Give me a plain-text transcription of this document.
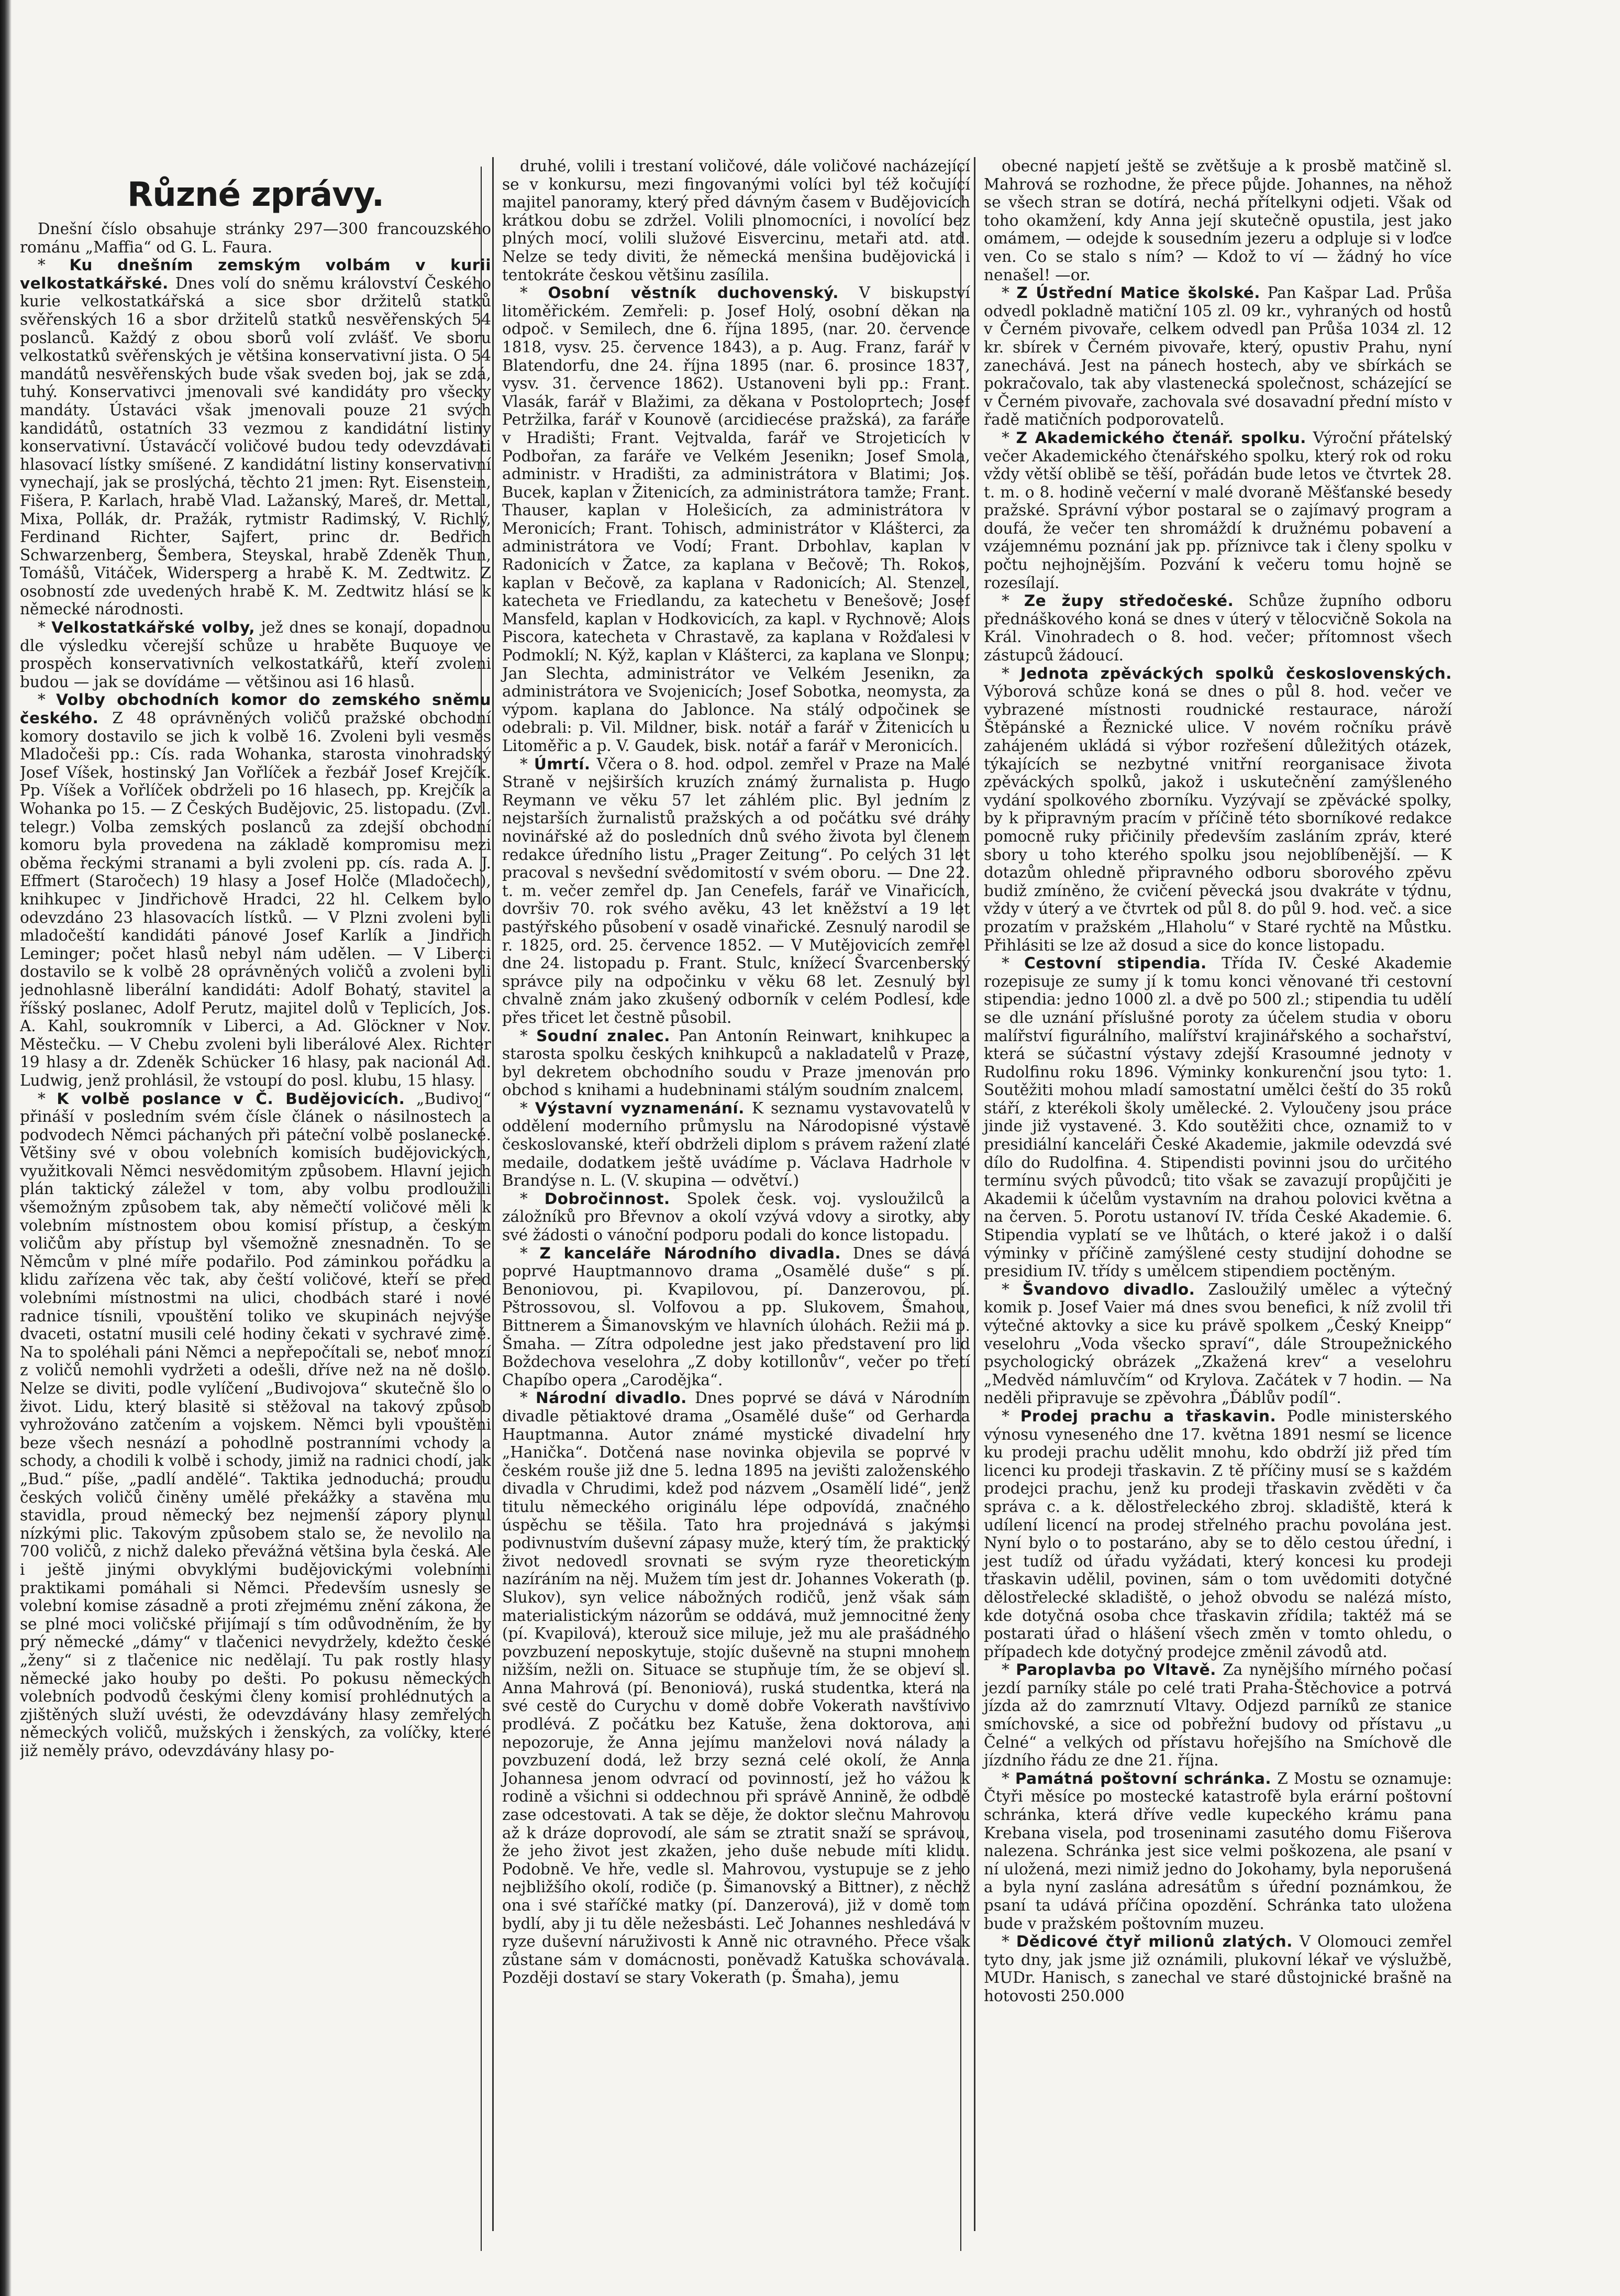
Různé zprávy.

Dnešní číslo obsahuje stránky 297—300 francouzského románu „Maffia“ od G. L. Faura.

* Ku dnešním zemským volbám v kurii velkostatkářské. Dnes volí do sněmu království Českého kurie velkostatkářská a sice sbor držitelů statků svěřenských 16 a sbor držitelů statků nesvěřenských 54 poslanců. Každý z obou sborů volí zvlášť. Ve sboru velkostatků svěřenských je většina konservativní jista. O 54 mandátů nesvěřenských bude však sveden boj, jak se zdá, tuhý. Konservativci jmenovali své kandidáty pro všecky mandáty. Ústaváci však jmenovali pouze 21 svých kandidátů, ostatních 33 vezmou z kandidátní listiny konservativní. Ústavácčí voličové budou tedy odevzdávati hlasovací lístky smíšené. Z kandidátní listiny konservativní vynechají, jak se proslýchá, těchto 21 jmen: Ryt. Eisenstein, Fišera, P. Karlach, hrabě Vlad. Lažanský, Mareš, dr. Mettal, Mixa, Pollák, dr. Pražák, rytmistr Radimský, V. Richlý, Ferdinand Richter, Sajfert, princ dr. Bedřich Schwarzenberg, Šembera, Steyskal, hrabě Zdeněk Thun, Tomášů, Vitáček, Widersperg a hrabě K. M. Zedtwitz. Z osobností zde uvedených hrabě K. M. Zedtwitz hlásí se k německé národnosti.

* Velkostatkářské volby, jež dnes se konají, dopadnou dle výsledku včerejší schůze u hraběte Buquoye ve prospěch konservativních velkostatkářů, kteří zvoleni budou — jak se dovídáme — většinou asi 16 hlasů.

* Volby obchodních komor do zemského sněmu českého. Z 48 oprávněných voličů pražské obchodní komory dostavilo se jich k volbě 16. Zvoleni byli vesměs Mladočeši pp.: Cís. rada Wohanka, starosta vinohradský Josef Víšek, hostinský Jan Vořlíček a řezbář Josef Krejčík. Pp. Víšek a Vořlíček obdrželi po 16 hlasech, pp. Krejčík a Wohanka po 15. — Z Českých Budějovic, 25. listopadu. (Zvl. telegr.) Volba zemských poslanců za zdejší obchodní komoru byla provedena na základě kompromisu mezi oběma řeckými stranami a byli zvoleni pp. cís. rada A. J. Effmert (Staročech) 19 hlasy a Josef Holče (Mladočech), knihkupec v Jindřichově Hradci, 22 hl. Celkem bylo odevzdáno 23 hlasovacích lístků. — V Plzni zvoleni byli mladočeští kandidáti pánové Josef Karlík a Jindřich Leminger; počet hlasů nebyl nám udělen. — V Liberci dostavilo se k volbě 28 oprávněných voličů a zvoleni byli jednohlasně liberální kandidáti: Adolf Bohatý, stavitel a říšský poslanec, Adolf Perutz, majitel dolů v Teplicích, Jos. A. Kahl, soukromník v Liberci, a Ad. Glöckner v Nov. Městečku. — V Chebu zvoleni byli liberálové Alex. Richter 19 hlasy a dr. Zdeněk Schücker 16 hlasy, pak nacionál Ad. Ludwig, jenž prohlásil, že vstoupí do posl. klubu, 15 hlasy.

* K volbě poslance v Č. Budějovicích. „Budivoj“ přináší v posledním svém čísle článek o násilnostech a podvodech Němci páchaných při páteční volbě poslanecké. Většiny své v obou volebních komisích budějovických, využitkovali Němci nesvědomitým způsobem. Hlavní jejich plán taktický záležel v tom, aby volbu prodloužili všemožným způsobem tak, aby němečtí voličové měli k volebním místnostem obou komisí přístup, a českým voličům aby přístup byl všemožně znesnadněn. To se Němcům v plné míře podařilo. Pod záminkou pořádku a klidu zařízena věc tak, aby čeští voličové, kteří se před volebními místnostmi na ulici, chodbách staré i nové radnice tísnili, vpouštění toliko ve skupinách nejvýše dvaceti, ostatní musili celé hodiny čekati v sychravé zimě. Na to spoléhali páni Němci a nepřepočítali se, neboť mnozí z voličů nemohli vydržeti a odešli, dříve než na ně došlo. Nelze se diviti, podle vylíčení „Budivojova“ skutečně šlo o život. Lidu, který blasitě si stěžoval na takový způsob vyhrožováno zatčením a vojskem. Němci byli vpouštěni beze všech nesnází a pohodlně postranními vchody a schody, a chodili k volbě i schody, jimiž na radnici chodí, jak „Bud.“ píše, „padlí andělé“. Taktika jednoduchá; proudu českých voličů činěny umělé překážky a stavěna mu stavidla, proud německý bez nejmenší zápory plynul nízkými plic. Takovým způsobem stalo se, že nevolilo na 700 voličů, z nichž daleko převážná většina byla česká. Ale i ještě jinými obvyklými budějovickými volebními praktikami pomáhali si Němci. Především usnesly se volební komise zásadně a proti zřejmému znění zákona, že se plné moci voličské přijímají s tím odůvodněním, že by prý německé „dámy“ v tlačenici nevydržely, kdežto české „ženy“ si z tlačenice nic nedělají. Tu pak rostly hlasy německé jako houby po dešti. Po pokusu německých volebních podvodů českými členy komisí prohlédnutých a zjištěných služí uvésti, že odevzdávány hlasy zemřelých německých voličů, mužských i ženských, za volíčky, které již neměly právo, odevzdávány hlasy po-

druhé, volili i trestaní voličové, dále voličové nacházející se v konkursu, mezi fingovanými volíci byl též kočující majitel panoramy, který před dávným časem v Budějovicích krátkou dobu se zdržel. Volili plnomocníci, i novolící bez plných mocí, volili služové Eisvercinu, metaři atd. atd. Nelze se tedy diviti, že německá menšina budějovická i tentokráte českou většinu zasílila.

* Osobní věstník duchovenský. V biskupství litoměřickém. Zemřeli: p. Josef Holý, osobní děkan na odpoč. v Semilech, dne 6. října 1895, (nar. 20. července 1818, vysv. 25. července 1843), a p. Aug. Franz, farář v Blatendorfu, dne 24. října 1895 (nar. 6. prosince 1837, vysv. 31. července 1862). Ustanoveni byli pp.: Frant. Vlasák, farář v Blažimi, za děkana v Postoloprtech; Josef Petržilka, farář v Kounově (arcidiecése pražská), za faráře v Hradišti; Frant. Vejtvalda, farář ve Strojeticích v Podbořan, za faráře ve Velkém Jesenikn; Josef Smola, administr. v Hradišti, za administrátora v Blatimi; Jos. Bucek, kaplan v Žitenicích, za administrátora tamže; Frant. Thauser, kaplan v Holešicích, za administrátora v Meronicích; Frant. Tohisch, administrátor v Klášterci, za administrátora ve Vodí; Frant. Drbohlav, kaplan v Radonicích v Žatce, za kaplana v Bečově; Th. Rokos, kaplan v Bečově, za kaplana v Radonicích; Al. Stenzel, katecheta ve Friedlandu, za katechetu v Benešově; Josef Mansfeld, kaplan v Hodkovicích, za kapl. v Rychnově; Alois Piscora, katecheta v Chrastavě, za kaplana v Rožďalesi v Podmoklí; N. Kýž, kaplan v Klášterci, za kaplana ve Slonpu; Jan Slechta, administrátor ve Velkém Jesenikn, za administrátora ve Svojenicích; Josef Sobotka, neomysta, za výpom. kaplana do Jablonce. Na stálý odpočinek se odebrali: p. Vil. Mildner, bisk. notář a farář v Žitenicích u Litoměřic a p. V. Gaudek, bisk. notář a farář v Meronicích.

* Úmrtí. Včera o 8. hod. odpol. zemřel v Praze na Malé Straně v nejširších kruzích známý žurnalista p. Hugo Reymann ve věku 57 let záhlém plic. Byl jedním z nejstarších žurnalistů pražských a od počátku své dráhy novinářské až do posledních dnů svého života byl členem redakce úředního listu „Prager Zeitung“. Po celých 31 let pracoval s nevšední svědomitostí v svém oboru. — Dne 22. t. m. večer zemřel dp. Jan Cenefels, farář ve Vinařicích, dovršiv 70. rok svého avěku, 43 let kněžství a 19 let pastýřského působení v osadě vinařické. Zesnulý narodil se r. 1825, ord. 25. července 1852. — V Mutějovicích zemřel dne 24. listopadu p. Frant. Stulc, knížecí Švarcenberský správce pily na odpočinku v věku 68 let. Zesnulý byl chvalně znám jako zkušený odborník v celém Podlesí, kde přes třicet let čestně působil.

* Soudní znalec. Pan Antonín Reinwart, knihkupec a starosta spolku českých knihkupců a nakladatelů v Praze, byl dekretem obchodního soudu v Praze jmenován pro obchod s knihami a hudebninami stálým soudním znalcem.

* Výstavní vyznamenání. K seznamu vystavovatelů v oddělení moderního průmyslu na Národopisné výstavě českoslovanské, kteří obdrželi diplom s právem ražení zlaté medaile, dodatkem ještě uvádíme p. Václava Hadrhole v Brandýse n. L. (V. skupina — odvětví.)

* Dobročinnost. Spolek česk. voj. vysloužilců a záložníků pro Břevnov a okolí vzývá vdovy a sirotky, aby své žádosti o vánoční podporu podali do konce listopadu.

* Z kanceláře Národního divadla. Dnes se dává poprvé Hauptmannovo drama „Osamělé duše“ s pí. Benoniovou, pi. Kvapilovou, pí. Danzerovou, pí. Pštrossovou, sl. Volfovou a pp. Slukovem, Šmahou, Bittnerem a Šimanovským ve hlavních úlohách. Režii má p. Šmaha. — Zítra odpoledne jest jako představení pro lid Boždechova veselohra „Z doby kotillonův“, večer po třetí Chapíbo opera „Carodějka“.

* Národní divadlo. Dnes poprvé se dává v Národním divadle pětiaktové drama „Osamělé duše“ od Gerharda Hauptmanna. Autor známé mystické divadelní hry „Hanička“. Dotčená nase novinka objevila se poprvé v českém rouše již dne 5. ledna 1895 na jevišti založenského divadla v Chrudimi, kdež pod názvem „Osamělí lidé“, jenž titulu německého originálu lépe odpovídá, značného úspěchu se těšila. Tato hra projednává s jakýmsi podivnustvím duševní zápasy muže, který tím, že praktický život nedovedl srovnati se svým ryze theoretickým nazíráním na něj. Mužem tím jest dr. Johannes Vokerath (p. Slukov), syn velice nábožných rodičů, jenž však sám materialistickým názorům se oddává, muž jemnocitné ženy (pí. Kvapilová), kterouž sice miluje, jež mu ale prašádného povzbuzení neposkytuje, stojíc duševně na stupni mnohem nižším, nežli on. Situace se stupňuje tím, že se objeví sl. Anna Mahrová (pí. Benoniová), ruská studentka, která na své cestě do Curychu v domě dobře Vokerath navštívivo prodlévá. Z počátku bez Katuše, žena doktorova, ani nepozoruje, že Anna jejímu manželovi nová nálady a povzbuzení dodá, lež brzy sezná celé okolí, že Anna Johannesa jenom odvrací od povinností, jež ho vážou k rodině a všichni si oddechnou při správě Annině, že odbdě zase odcestovati. A tak se děje, že doktor slečnu Mahrovou až k dráze doprovodí, ale sám se ztratit snaží se správou, že jeho život jest zkažen, jeho duše nebude míti klidu. Podobně. Ve hře, vedle sl. Mahrovou, vystupuje se z jeho nejbližšího okolí, rodiče (p. Šimanovský a Bittner), z něchž ona i své staříčké matky (pí. Danzerová), již v domě tom bydlí, aby ji tu děle nežesbásti. Leč Johannes neshledává v ryze duševní náruživosti k Anně nic otravného. Přece však zůstane sám v domácnosti, poněvadž Katuška schovávala. Později dostaví se stary Vokerath (p. Šmaha), jemu

obecné napjetí ještě se zvětšuje a k prosbě matčině sl. Mahrová se rozhodne, že přece půjde. Johannes, na něhož se všech stran se dotírá, nechá přítelkyni odjeti. Však od toho okamžení, kdy Anna její skutečně opustila, jest jako omámem, — odejde k sousedním jezeru a odpluje si v loďce ven. Co se stalo s ním? — Kdož to ví — žádný ho více nenašel! —or.

* Z Ústřední Matice školské. Pan Kašpar Lad. Průša odvedl pokladně matiční 105 zl. 09 kr., vyhraných od hostů v Černém pivovaře, celkem odvedl pan Průša 1034 zl. 12 kr. sbírek v Černém pivovaře, který, opustiv Prahu, nyní zanechává. Jest na pánech hostech, aby ve sbírkách se pokračovalo, tak aby vlastenecká společnost, scházející se v Černém pivovaře, zachovala své dosavadní přední místo v řadě matičních podporovatelů.

* Z Akademického čtenář. spolku. Výroční přátelský večer Akademického čtenářského spolku, který rok od roku vždy větší oblibě se těší, pořádán bude letos ve čtvrtek 28. t. m. o 8. hodině večerní v malé dvoraně Měšťanské besedy pražské. Správní výbor postaral se o zajímavý program a doufá, že večer ten shromáždí k družnému pobavení a vzájemnému poznání jak pp. příznivce tak i členy spolku v počtu nejhojnějším. Pozvání k večeru tomu hojně se rozesílají.

* Ze župy středočeské. Schůze župního odboru přednáškového koná se dnes v úterý v tělocvičně Sokola na Král. Vinohradech o 8. hod. večer; přítomnost všech zástupců žádoucí.

* Jednota zpěváckých spolků československých. Výborová schůze koná se dnes o půl 8. hod. večer ve vybrazené místnosti roudnické restaurace, nároží Štěpánské a Řeznické ulice. V novém ročníku právě zahájeném ukládá si výbor rozřešení důležitých otázek, týkajících se nezbytné vnitřní reorganisace života zpěváckých spolků, jakož i uskutečnění zamýšleného vydání spolkového zborníku. Vyzývají se zpěvácké spolky, by k připravným pracím v příčině této sborníkové redakce pomocně ruky přičinily především zasláním zpráv, které sbory u toho kterého spolku jsou nejoblíbenější. — K dotazům ohledně připravného odboru sborového zpěvu budiž zmíněno, že cvičení pěvecká jsou dvakráte v týdnu, vždy v úterý a ve čtvrtek od půl 8. do půl 9. hod. več. a sice prozatím v pražském „Hlaholu“ v Staré rychtě na Můstku. Přihlásiti se lze až dosud a sice do konce listopadu.

* Cestovní stipendia. Třída IV. České Akademie rozepisuje ze sumy jí k tomu konci věnované tři cestovní stipendia: jedno 1000 zl. a dvě po 500 zl.; stipendia tu udělí se dle uznání příslušné poroty za účelem studia v oboru malířství figurálního, malířství krajinářského a sochařství, která se súčastní výstavy zdejší Krasoumné jednoty v Rudolfinu roku 1896. Výminky konkurenční jsou tyto: 1. Soutěžiti mohou mladí samostatní umělci čeští do 35 roků stáří, z kterékoli školy umělecké. 2. Vyloučeny jsou práce jinde již vystavené. 3. Kdo soutěžiti chce, oznamiž to v presidiální kanceláři České Akademie, jakmile odevzdá své dílo do Rudolfina. 4. Stipendisti povinni jsou do určitého termínu svých původců; tito však se zavazují propůjčiti je Akademii k účelům vystavním na drahou polovici května a na červen. 5. Porotu ustanoví IV. třída České Akademie. 6. Stipendia vyplatí se ve lhůtách, o které jakož i o další výminky v příčině zamýšlené cesty studijní dohodne se presidium IV. třídy s umělcem stipendiem poctěným.

* Švandovo divadlo. Zasloužilý umělec a výtečný komik p. Josef Vaier má dnes svou benefici, k níž zvolil tři výtečné aktovky a sice ku právě spolkem „Český Kneipp“ veselohru „Voda všecko spraví“, dále Stroupežnického psychologický obrázek „Zkažená krev“ a veselohru „Medvěd námluvčím“ od Krylova. Začátek v 7 hodin. — Na neděli připravuje se zpěvohra „Ďáblův podíl“.

* Prodej prachu a třaskavin. Podle ministerského výnosu vyneseného dne 17. května 1891 nesmí se licence ku prodeji prachu udělit mnohu, kdo obdrží již před tím licenci ku prodeji třaskavin. Z tě příčiny musí se s každém prodejci prachu, jenž ku prodeji třaskavin zvěděti v ča správa c. a k. dělostřeleckého zbroj. skladiště, která k udílení licencí na prodej střelného prachu povolána jest. Nyní bylo o to postaráno, aby se to dělo cestou úřední, i jest tudíž od úřadu vyžádati, který koncesi ku prodeji třaskavin udělil, povinen, sám o tom uvědomiti dotyčné dělostřelecké skladiště, o jehož obvodu se nalézá místo, kde dotyčná osoba chce třaskavin zřídila; taktéž má se postarati úřad o hlášení všech změn v tomto ohledu, o případech kde dotyčný prodejce změnil závodů atd.

* Paroplavba po Vltavě. Za nynějšího mírného počasí jezdí parníky stále po celé trati Praha-Štěchovice a potrvá jízda až do zamrznutí Vltavy. Odjezd parníků ze stanice smíchovské, a sice od pobřežní budovy od přístavu „u Čelné“ a velkých od přístavu hořejšího na Smíchově dle jízdního řádu ze dne 21. října.

* Památná poštovní schránka. Z Mostu se oznamuje: Čtyři měsíce po mostecké katastrofě byla erární poštovní schránka, která dříve vedle kupeckého krámu pana Krebana visela, pod troseninami zasutého domu Fišerova nalezena. Schránka jest sice velmi poškozena, ale psaní v ní uložená, mezi nimiž jedno do Jokohamy, byla neporušená a byla nyní zaslána adresátům s úřední poznámkou, že psaní ta udává příčina opozdění. Schránka tato uložena bude v pražském poštovním muzeu.

* Dědicové čtyř milionů zlatých. V Olomouci zemřel tyto dny, jak jsme již oznámili, plukovní lékař ve výslužbě, MUDr. Hanisch, s zanechal ve staré důstojnické brašně na hotovosti 250.000
